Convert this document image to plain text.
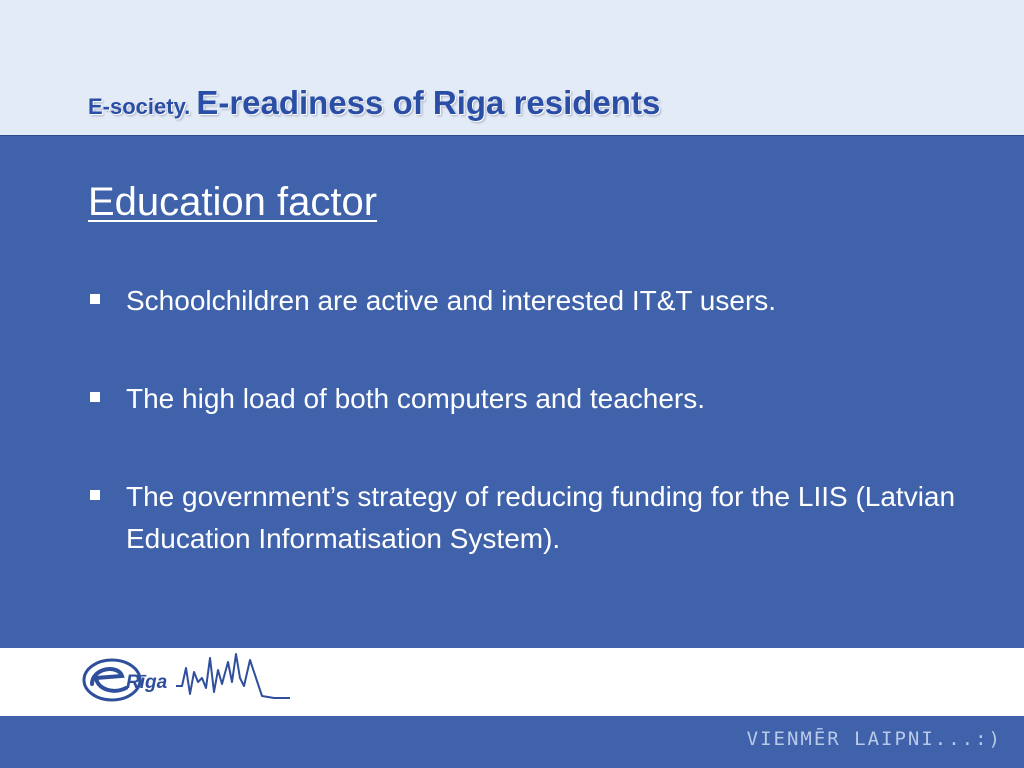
E-society. E-readiness of Riga residents
Education factor
Schoolchildren are active and interested IT&T users.
The high load of both computers and teachers.
The government’s strategy of reducing funding for the LIIS (Latvian Education Informatisation System).
Rīga
VIENMĒR LAIPNI...:)
